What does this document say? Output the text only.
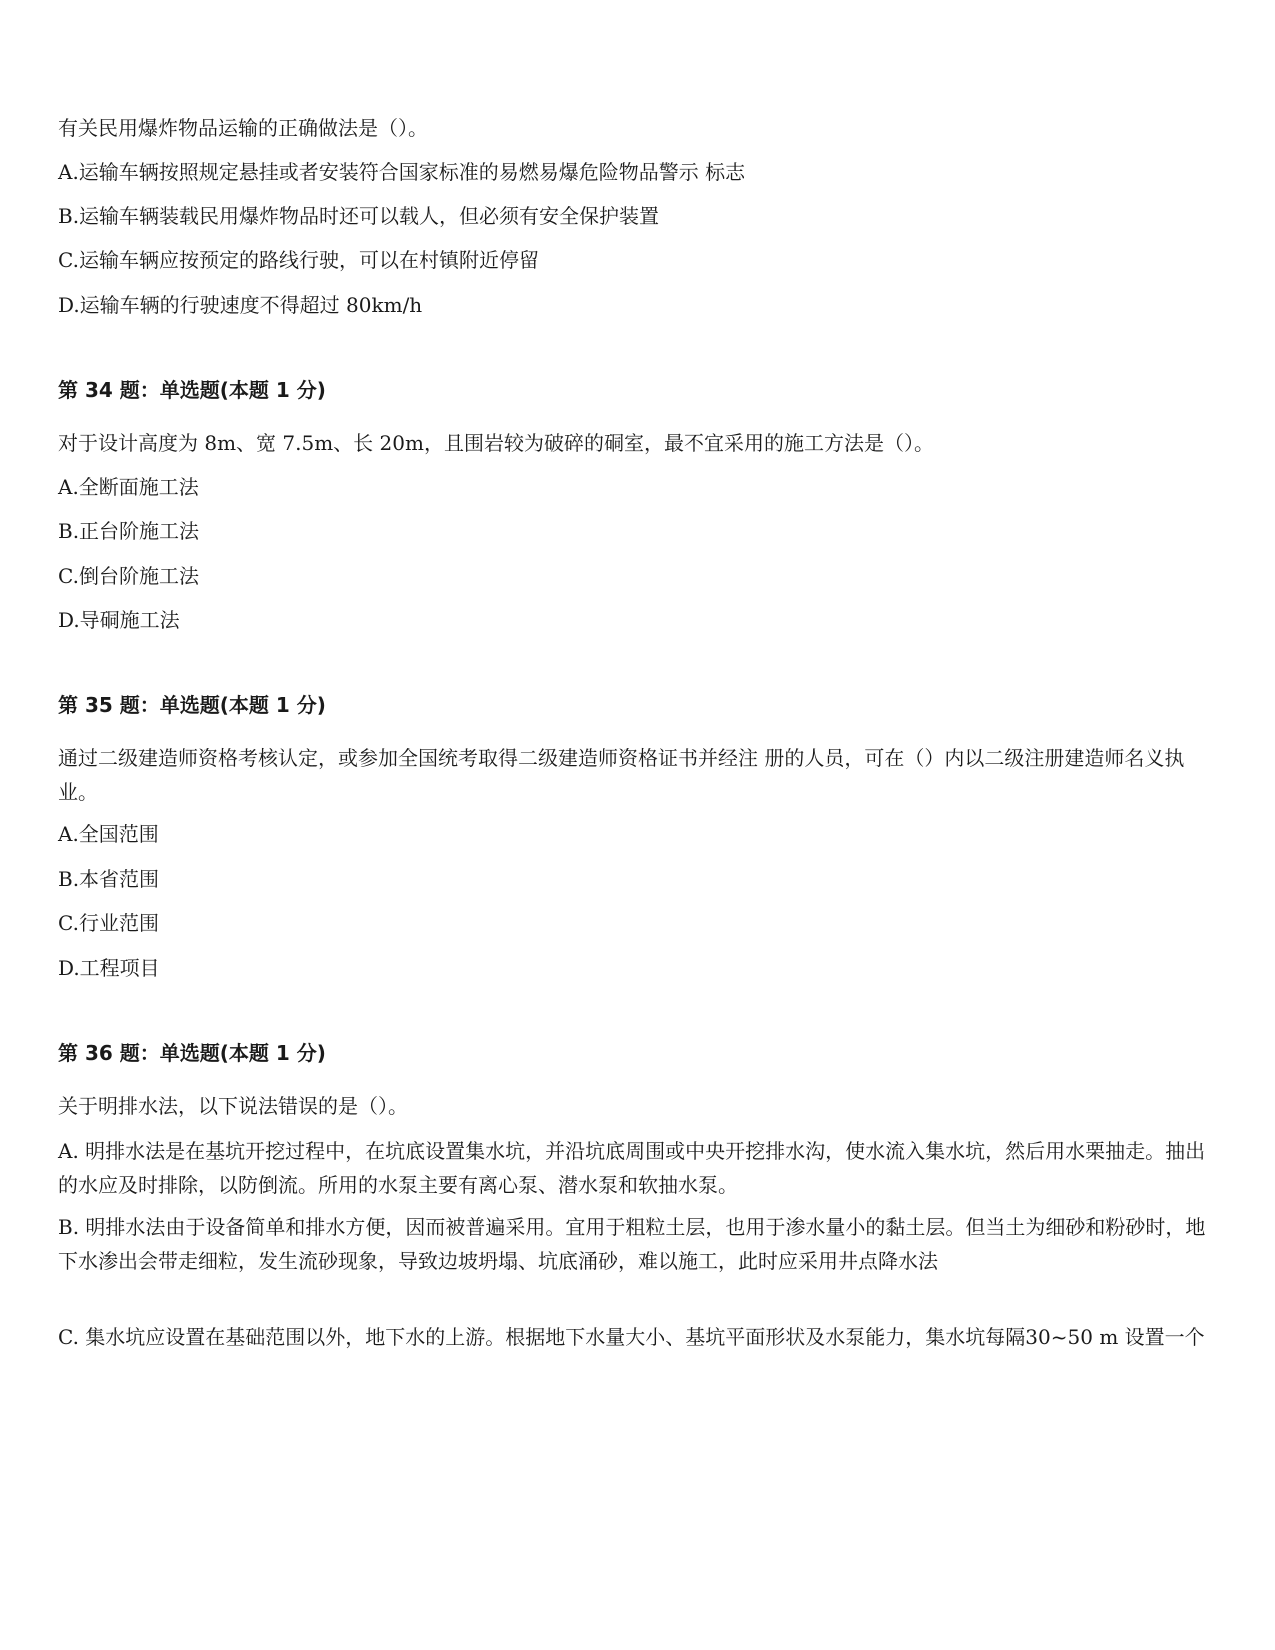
有关民用爆炸物品运输的正确做法是（）。
A.运输车辆按照规定悬挂或者安装符合国家标准的易燃易爆危险物品警示 标志
B.运输车辆装载民用爆炸物品时还可以载人，但必须有安全保护装置
C.运输车辆应按预定的路线行驶，可以在村镇附近停留
D.运输车辆的行驶速度不得超过 80km/h
第 34 题：单选题(本题 1 分)
对于设计高度为 8m、宽 7.5m、长 20m，且围岩较为破碎的硐室，最不宜采用的施工方法是（）。
A.全断面施工法
B.正台阶施工法
C.倒台阶施工法
D.导硐施工法
第 35 题：单选题(本题 1 分)
通过二级建造师资格考核认定，或参加全国统考取得二级建造师资格证书并经注 册的人员，可在（）内以二级注册建造师名义执业。
A.全国范围
B.本省范围
C.行业范围
D.工程项目
第 36 题：单选题(本题 1 分)
关于明排水法，以下说法错误的是（）。
A. 明排水法是在基坑开挖过程中，在坑底设置集水坑，并沿坑底周围或中央开挖排水沟，使水流入集水坑，然后用水栗抽走。抽出的水应及时排除，以防倒流。所用的水泵主要有离心泵、潜水泵和软抽水泵。
B. 明排水法由于设备简单和排水方便，因而被普遍采用。宜用于粗粒土层，也用于渗水量小的黏土层。但当土为细砂和粉砂时，地下水渗出会带走细粒，发生流砂现象，导致边坡坍塌、坑底涌砂，难以施工，此时应采用井点降水法
C. 集水坑应设置在基础范围以外，地下水的上游。根据地下水量大小、基坑平面形状及水泵能力，集水坑每隔30~50 m 设置一个
